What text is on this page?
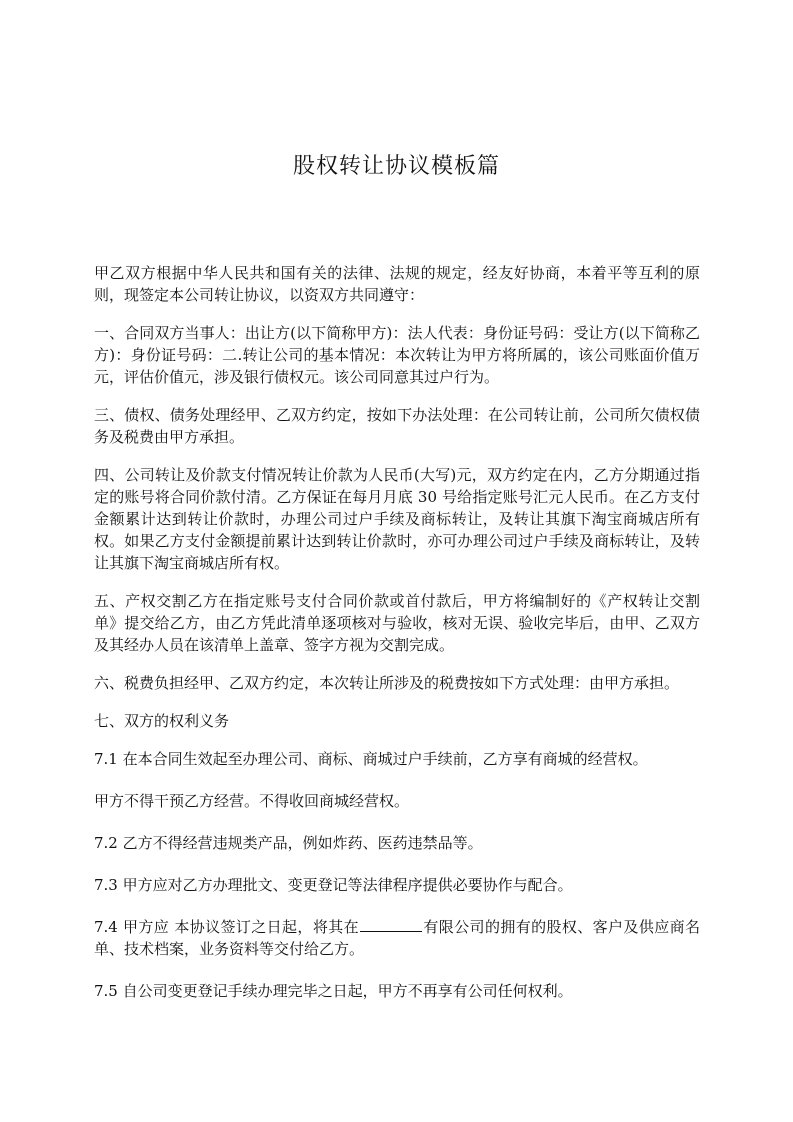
股权转让协议模板篇

甲乙双方根据中华人民共和国有关的法律、法规的规定，经友好协商，本着平等互利的原则，现签定本公司转让协议，以资双方共同遵守：

一、合同双方当事人：出让方(以下简称甲方)：法人代表：身份证号码：受让方(以下简称乙方)：身份证号码：二.转让公司的基本情况：本次转让为甲方将所属的，该公司账面价值万元，评估价值元，涉及银行债权元。该公司同意其过户行为。

三、债权、债务处理经甲、乙双方约定，按如下办法处理：在公司转让前，公司所欠债权债务及税费由甲方承担。

四、公司转让及价款支付情况转让价款为人民币(大写)元，双方约定在内，乙方分期通过指定的账号将合同价款付清。乙方保证在每月月底 30 号给指定账号汇元人民币。在乙方支付金额累计达到转让价款时，办理公司过户手续及商标转让，及转让其旗下淘宝商城店所有权。如果乙方支付金额提前累计达到转让价款时，亦可办理公司过户手续及商标转让，及转让其旗下淘宝商城店所有权。

五、产权交割乙方在指定账号支付合同价款或首付款后，甲方将编制好的《产权转让交割单》提交给乙方，由乙方凭此清单逐项核对与验收，核对无误、验收完毕后，由甲、乙双方及其经办人员在该清单上盖章、签字方视为交割完成。

六、税费负担经甲、乙双方约定，本次转让所涉及的税费按如下方式处理：由甲方承担。

七、双方的权利义务

7.1 在本合同生效起至办理公司、商标、商城过户手续前，乙方享有商城的经营权。

甲方不得干预乙方经营。不得收回商城经营权。

7.2 乙方不得经营违规类产品，例如炸药、医药违禁品等。

7.3 甲方应对乙方办理批文、变更登记等法律程序提供必要协作与配合。

7.4 甲方应 本协议签订之日起，将其在	有限公司的拥有的股权、客户及供应商名单、技术档案，业务资料等交付给乙方。

7.5 自公司变更登记手续办理完毕之日起，甲方不再享有公司任何权利。
